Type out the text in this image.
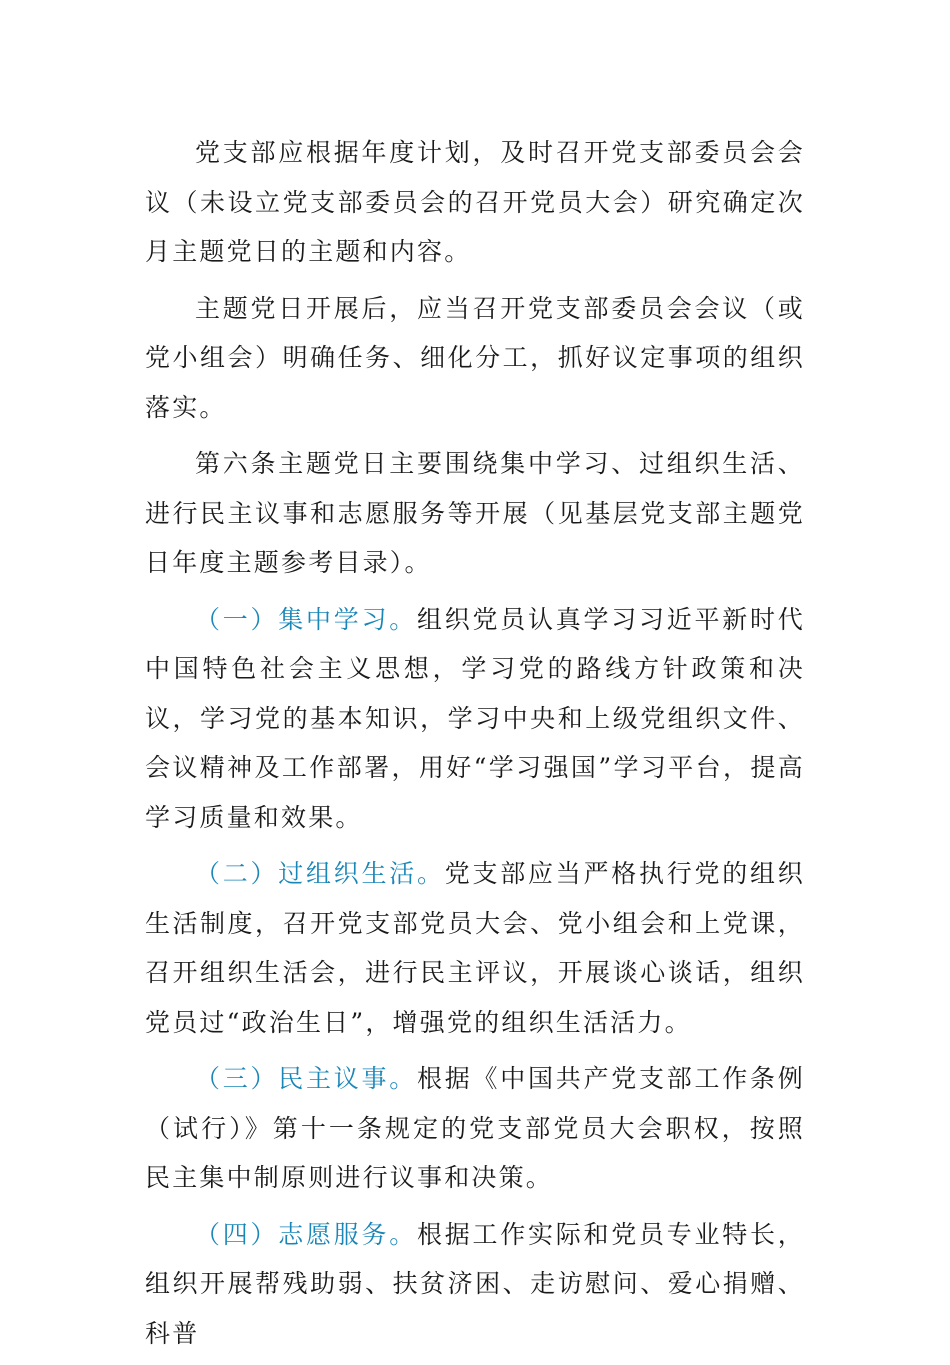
党支部应根据年度计划，及时召开党支部委员会会议（未设立党支部委员会的召开党员大会）研究确定次月主题党日的主题和内容。

主题党日开展后，应当召开党支部委员会会议（或党小组会）明确任务、细化分工，抓好议定事项的组织落实。

第六条主题党日主要围绕集中学习、过组织生活、进行民主议事和志愿服务等开展（见基层党支部主题党日年度主题参考目录）。

（一）集中学习。组织党员认真学习习近平新时代中国特色社会主义思想，学习党的路线方针政策和决议，学习党的基本知识，学习中央和上级党组织文件、会议精神及工作部署，用好“学习强国”学习平台，提高学习质量和效果。

（二）过组织生活。党支部应当严格执行党的组织生活制度，召开党支部党员大会、党小组会和上党课，召开组织生活会，进行民主评议，开展谈心谈话，组织党员过“政治生日”，增强党的组织生活活力。

（三）民主议事。根据《中国共产党支部工作条例（试行）》第十一条规定的党支部党员大会职权，按照民主集中制原则进行议事和决策。

（四）志愿服务。根据工作实际和党员专业特长，组织开展帮残助弱、扶贫济困、走访慰问、爱心捐赠、科普
